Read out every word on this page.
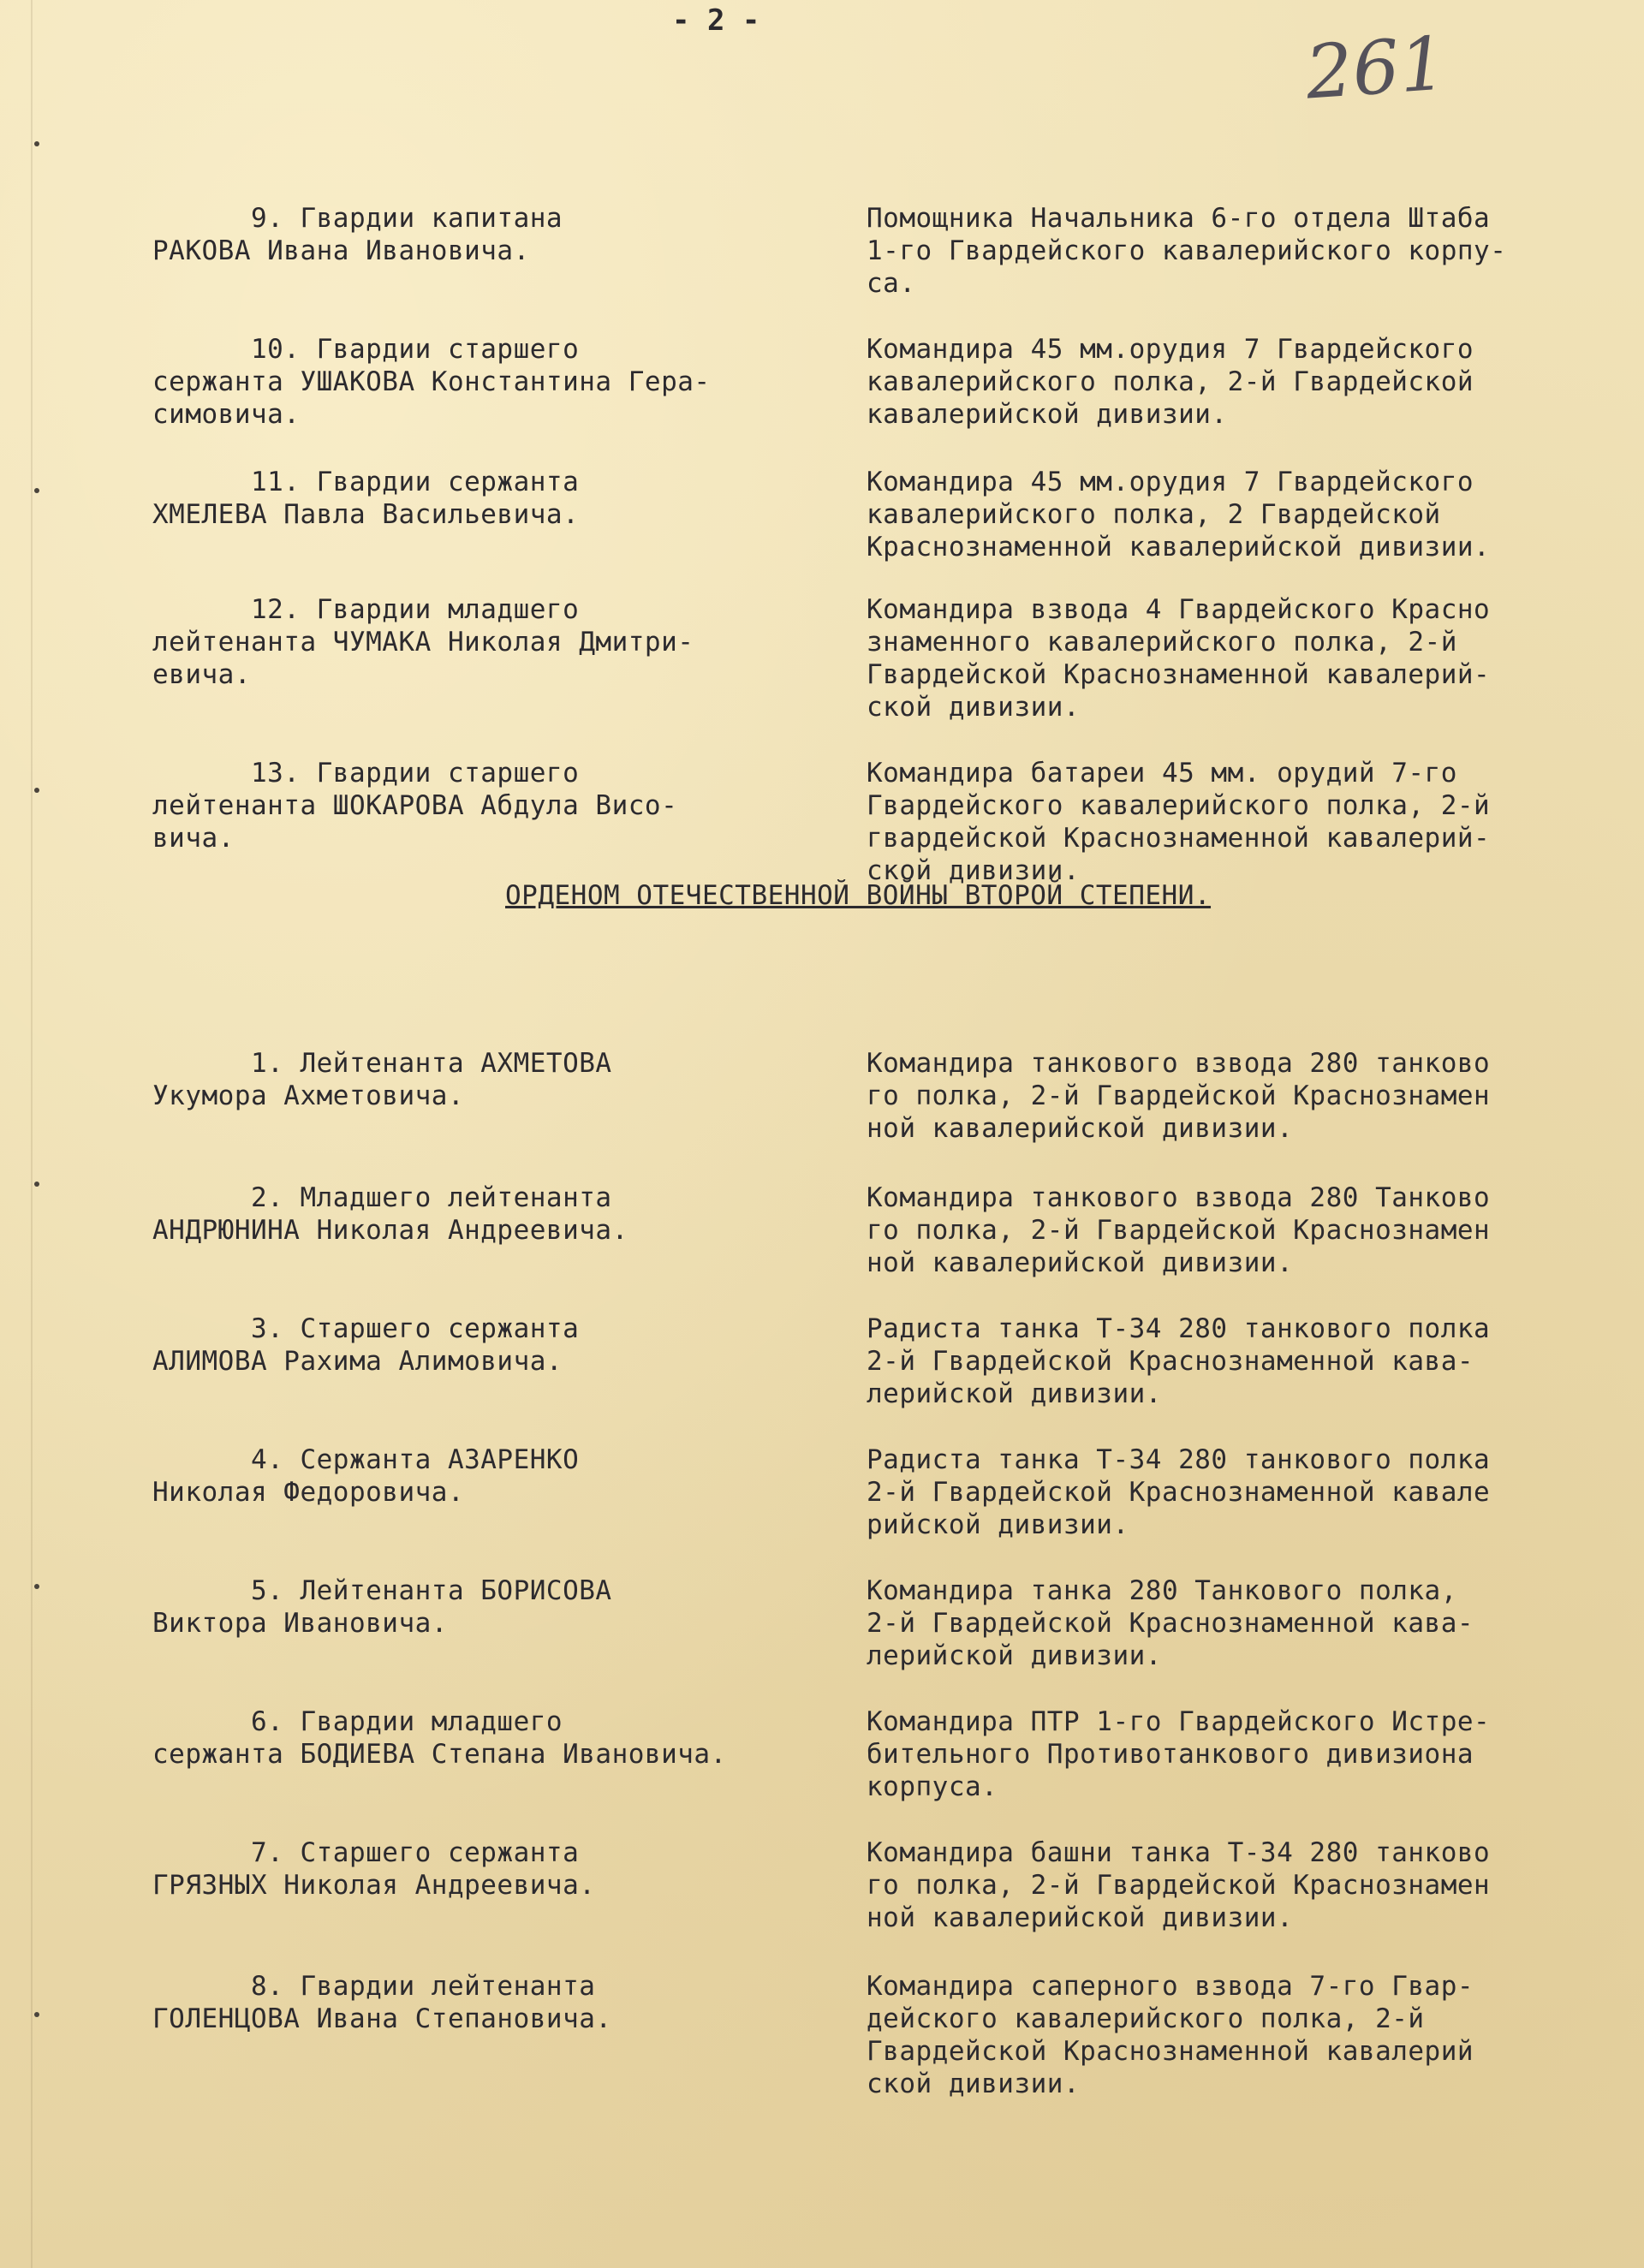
- 2 -
261
ОРДЕНОМ ОТЕЧЕСТВЕННОЙ ВОЙНЫ ВТОРОЙ СТЕПЕНИ.

9. Гвардии капитана
РАКОВА Ивана Ивановича.

Помощника Начальника 6-го отдела Штаба
1-го Гвардейского кавалерийского корпу-
са.

10. Гвардии старшего
сержанта УШАКОВА Константина Гера-
симовича.

Командира 45 мм.орудия 7 Гвардейского
кавалерийского полка, 2-й Гвардейской
кавалерийской дивизии.

11. Гвардии сержанта
ХМЕЛЕВА Павла Васильевича.

Командира 45 мм.орудия 7 Гвардейского
кавалерийского полка, 2 Гвардейской
Краснознаменной кавалерийской дивизии.

12. Гвардии младшего
лейтенанта ЧУМАКА Николая Дмитри-
евича.

Командира взвода 4 Гвардейского Красно
знаменного кавалерийского полка, 2-й
Гвардейской Краснознаменной кавалерий-
ской дивизии.

13. Гвардии старшего
лейтенанта ШОКАРОВА Абдула Висо-
вича.

Командира батареи 45 мм. орудий 7-го
Гвардейского кавалерийского полка, 2-й
гвардейской Краснознаменной кавалерий-
ской дивизии.

1. Лейтенанта АХМЕТОВА
Укумора Ахметовича.

Командира танкового взвода 280 танково
го полка, 2-й Гвардейской Краснознамен
ной кавалерийской дивизии.

2. Младшего лейтенанта
АНДРЮНИНА Николая Андреевича.

Командира танкового взвода 280 Танково
го полка, 2-й Гвардейской Краснознамен
ной кавалерийской дивизии.

3. Старшего сержанта
АЛИМОВА Рахима Алимовича.

Радиста танка Т-34 280 танкового полка
2-й Гвардейской Краснознаменной кава-
лерийской дивизии.

4. Сержанта АЗАРЕНКО
Николая Федоровича.

Радиста танка Т-34 280 танкового полка
2-й Гвардейской Краснознаменной кавале
рийской дивизии.

5. Лейтенанта БОРИСОВА
Виктора Ивановича.

Командира танка 280 Танкового полка,
2-й Гвардейской Краснознаменной кава-
лерийской дивизии.

6. Гвардии младшего
сержанта БОДИЕВА Степана Ивановича.

Командира ПТР 1-го Гвардейского Истре-
бительного Противотанкового дивизиона
корпуса.

7. Старшего сержанта
ГРЯЗНЫХ Николая Андреевича.

Командира башни танка Т-34 280 танково
го полка, 2-й Гвардейской Краснознамен
ной кавалерийской дивизии.

8. Гвардии лейтенанта
ГОЛЕНЦОВА Ивана Степановича.

Командира саперного взвода 7-го Гвар-
дейского кавалерийского полка, 2-й
Гвардейской Краснознаменной кавалерий
ской дивизии.
